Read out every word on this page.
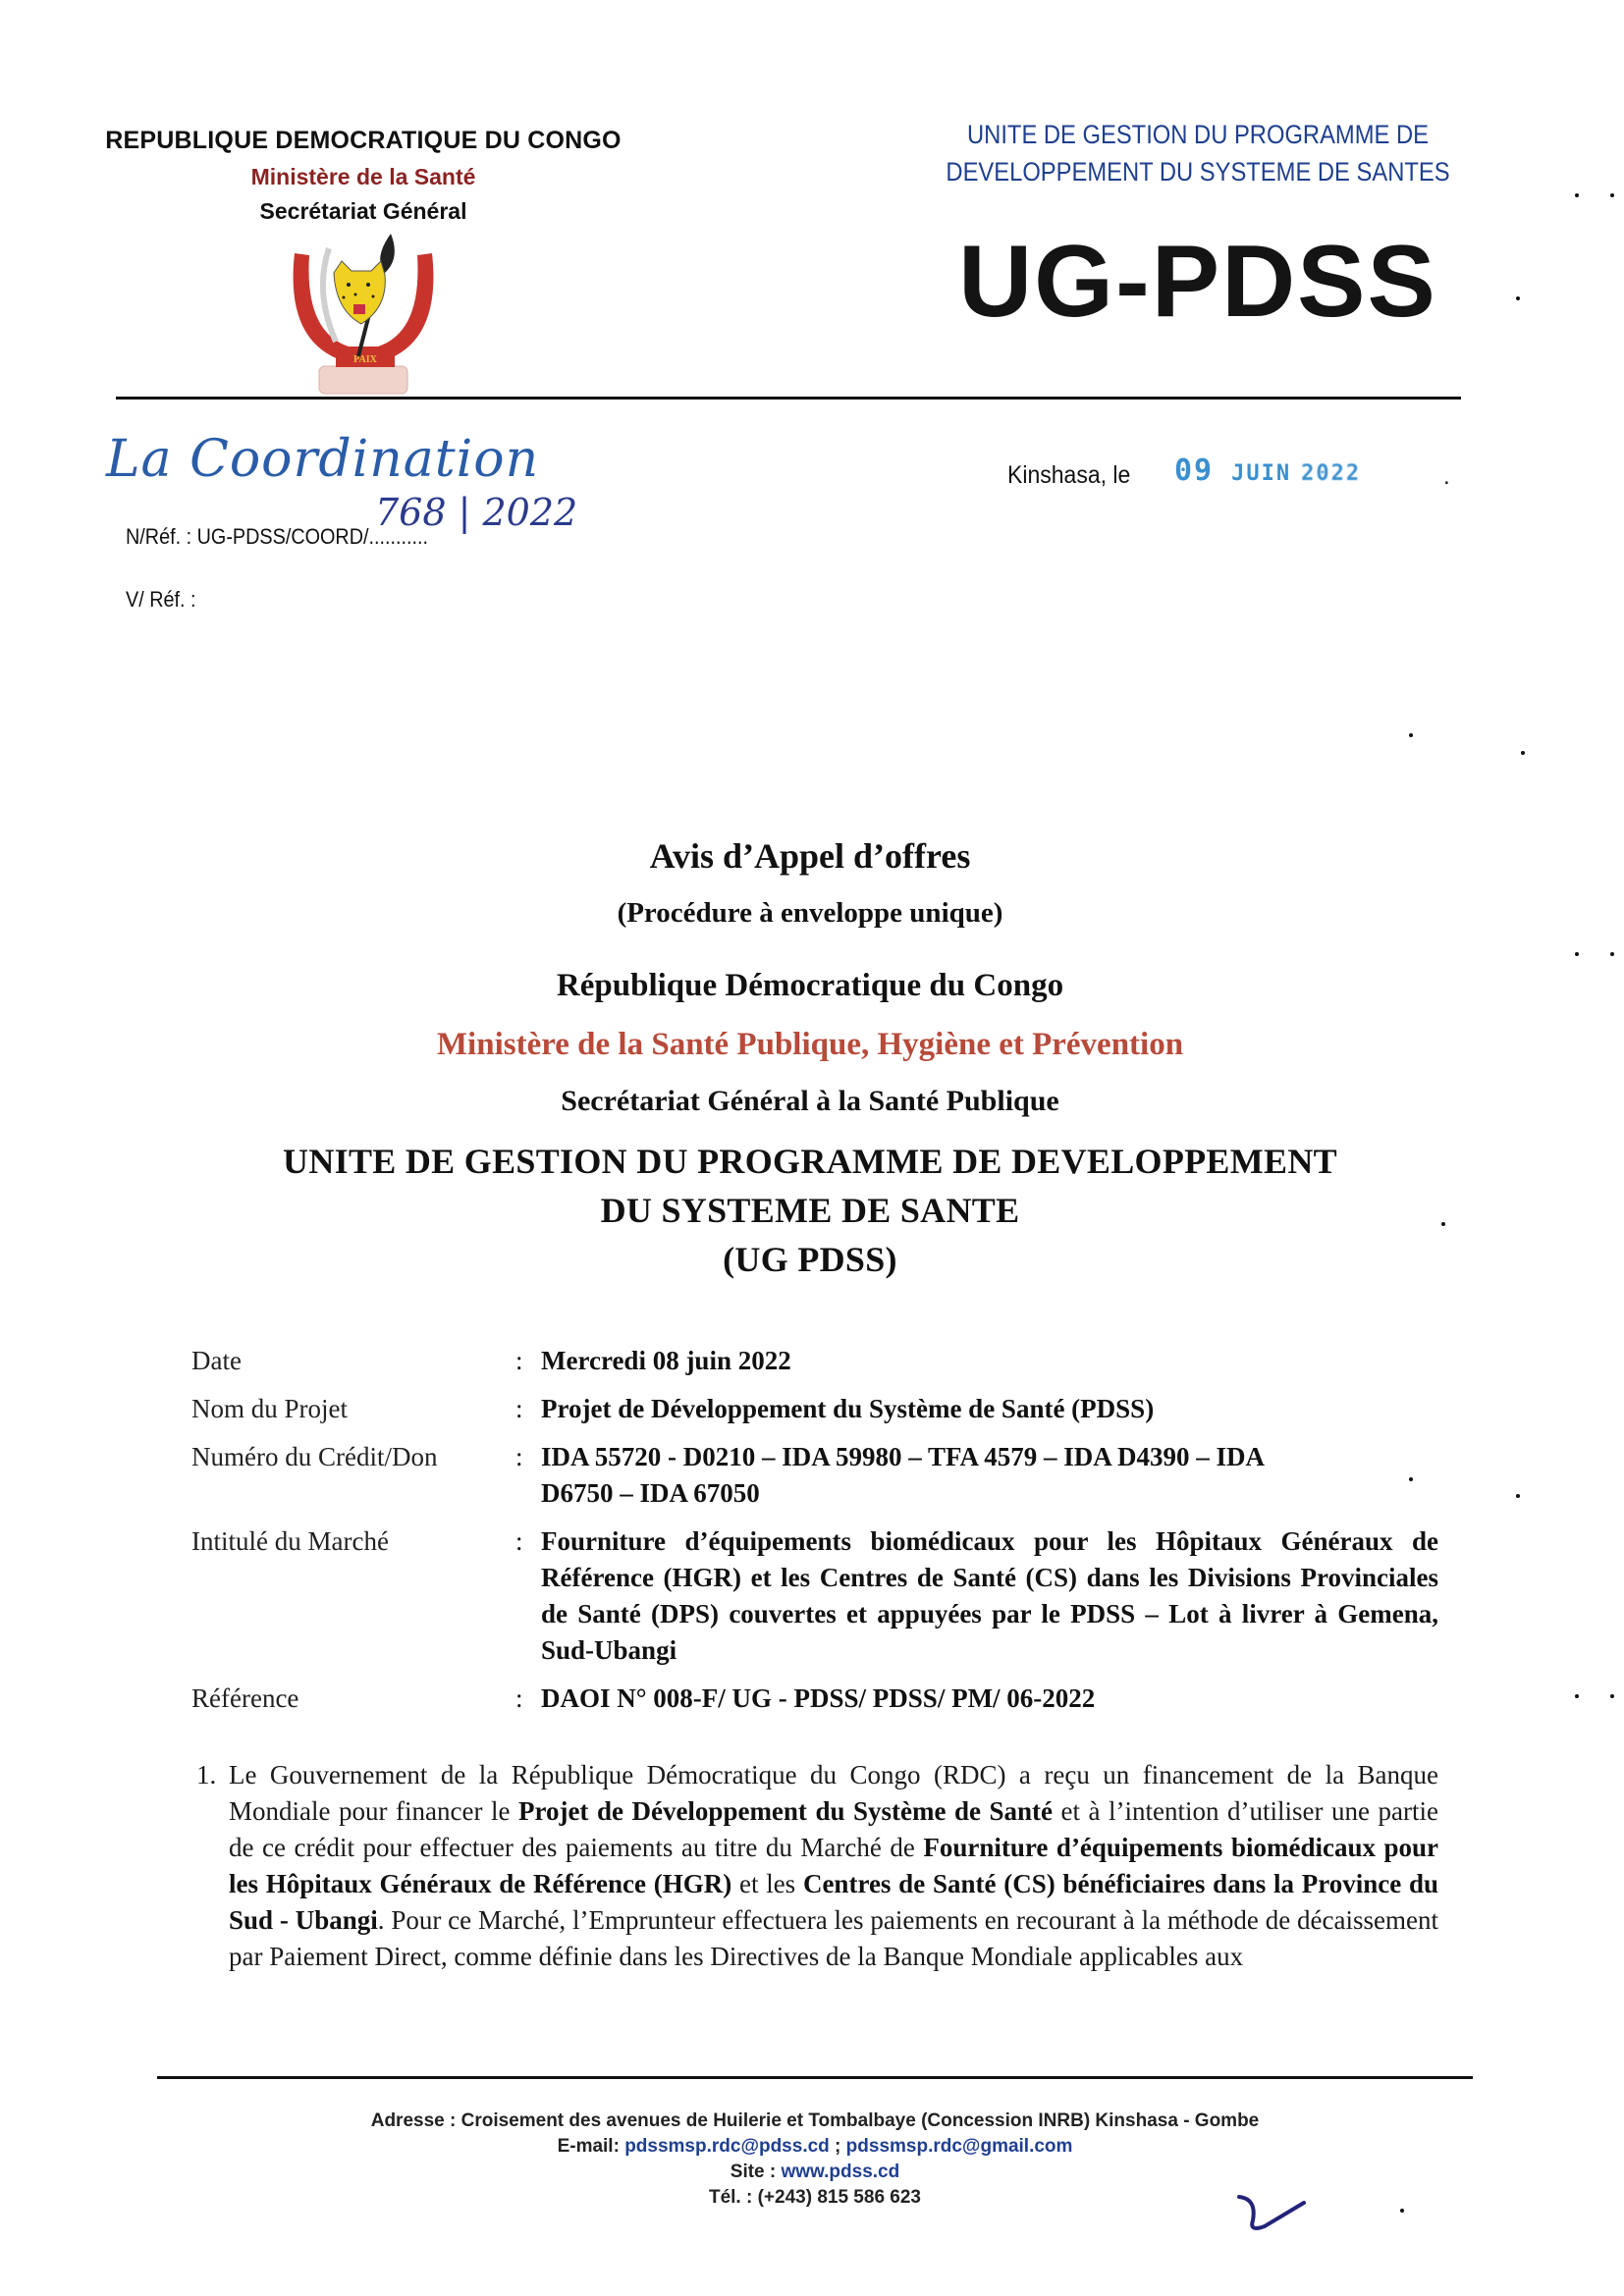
REPUBLIQUE DEMOCRATIQUE DU CONGO
Ministère de la Santé
Secrétariat Général
PAIX
UNITE DE GESTION DU PROGRAMME DE
DEVELOPPEMENT DU SYSTEME DE SANTES
UG-PDSS
La Coordination
N/Réf. : UG-PDSS/COORD/...........
768 | 2022
V/ Réf. :
Kinshasa, le 09 JUIN 2022	.
Avis d’Appel d’offres
(Procédure à enveloppe unique)
République Démocratique du Congo
Ministère de la Santé Publique, Hygiène et Prévention
Secrétariat Général à la Santé Publique
UNITE DE GESTION DU PROGRAMME DE DEVELOPPEMENT
DU SYSTEME DE SANTE
(UG PDSS)
Date	: Mercredi 08 juin 2022
Nom du Projet	: Projet de Développement du Système de Santé (PDSS)
Numéro du Crédit/Don	: IDA 55720 - D0210 – IDA 59980 – TFA 4579 – IDA D4390 – IDA D6750 – IDA 67050
Intitulé du Marché	: Fourniture d’équipements biomédicaux pour les Hôpitaux Généraux de Référence (HGR) et les Centres de Santé (CS) dans les Divisions Provinciales de Santé (DPS) couvertes et appuyées par le PDSS – Lot à livrer à Gemena, Sud-Ubangi
Référence	: DAOI N° 008-F/ UG - PDSS/ PDSS/ PM/ 06-2022
1. Le Gouvernement de la République Démocratique du Congo (RDC) a reçu un financement de la Banque Mondiale pour financer le Projet de Développement du Système de Santé et à l’intention d’utiliser une partie de ce crédit pour effectuer des paiements au titre du Marché de Fourniture d’équipements biomédicaux pour les Hôpitaux Généraux de Référence (HGR) et les Centres de Santé (CS) bénéficiaires dans la Province du Sud - Ubangi. Pour ce Marché, l’Emprunteur effectuera les paiements en recourant à la méthode de décaissement par Paiement Direct, comme définie dans les Directives de la Banque Mondiale applicables aux
Adresse : Croisement des avenues de Huilerie et Tombalbaye (Concession INRB) Kinshasa - Gombe
E-mail: pdssmsp.rdc@pdss.cd ; pdssmsp.rdc@gmail.com
Site : www.pdss.cd
Tél. : (+243) 815 586 623
